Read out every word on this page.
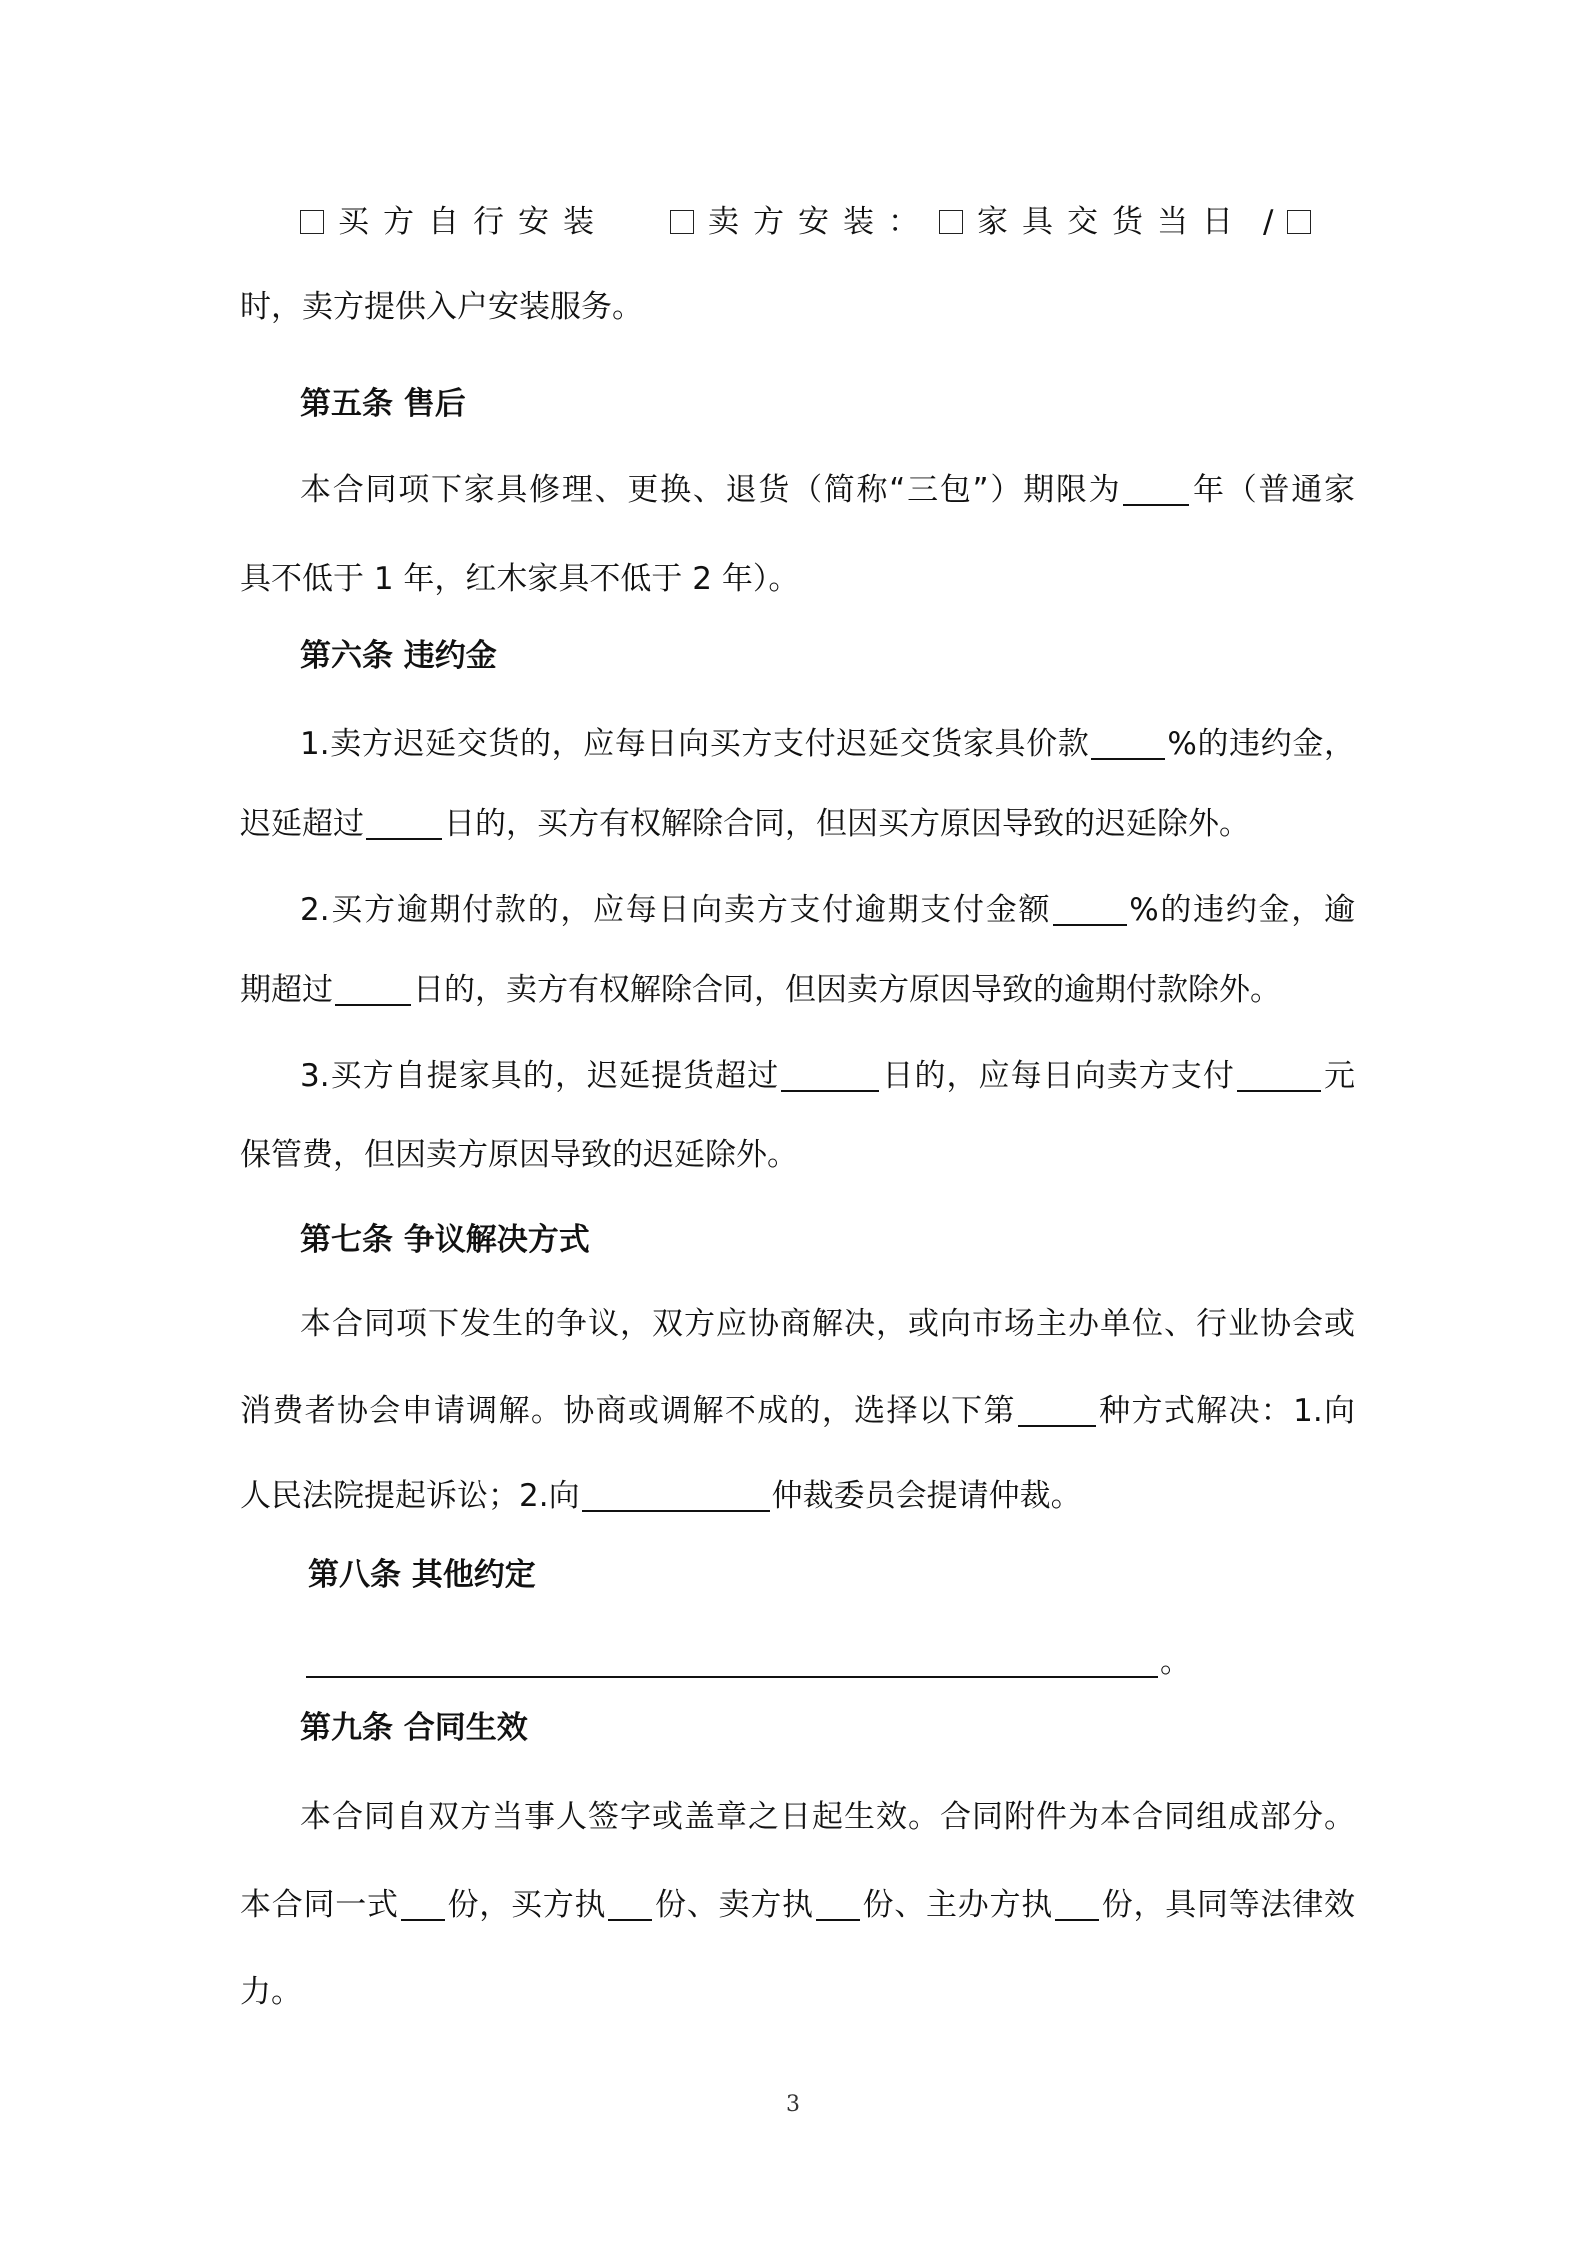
买方自行安装	卖方安装： 家具交货当日 /
时，卖方提供入户安装服务。
第五条 售后
本合同项下家具修理、更换、退货（简称“三包”）期限为 年（普通家
具不低于 1 年，红木家具不低于 2 年）。
第六条 违约金
1.卖方迟延交货的，应每日向买方支付迟延交货家具价款	%的违约金，
迟延超过	日的，买方有权解除合同，但因买方原因导致的迟延除外。
2.买方逾期付款的，应每日向卖方支付逾期支付金额	%的违约金，逾
期超过	日的，卖方有权解除合同，但因卖方原因导致的逾期付款除外。
3.买方自提家具的，迟延提货超过	日的，应每日向卖方支付	元
保管费，但因卖方原因导致的迟延除外。
第七条 争议解决方式
本合同项下发生的争议，双方应协商解决，或向市场主办单位、行业协会或
消费者协会申请调解。协商或调解不成的，选择以下第	种方式解决：1.向
人民法院提起诉讼；2.向	仲裁委员会提请仲裁。
第八条 其他约定
。
第九条 合同生效
本合同自双方当事人签字或盖章之日起生效。合同附件为本合同组成部分。
本合同一式 份，买方执 份、卖方执 份、主办方执 份，具同等法律效
力。
3
